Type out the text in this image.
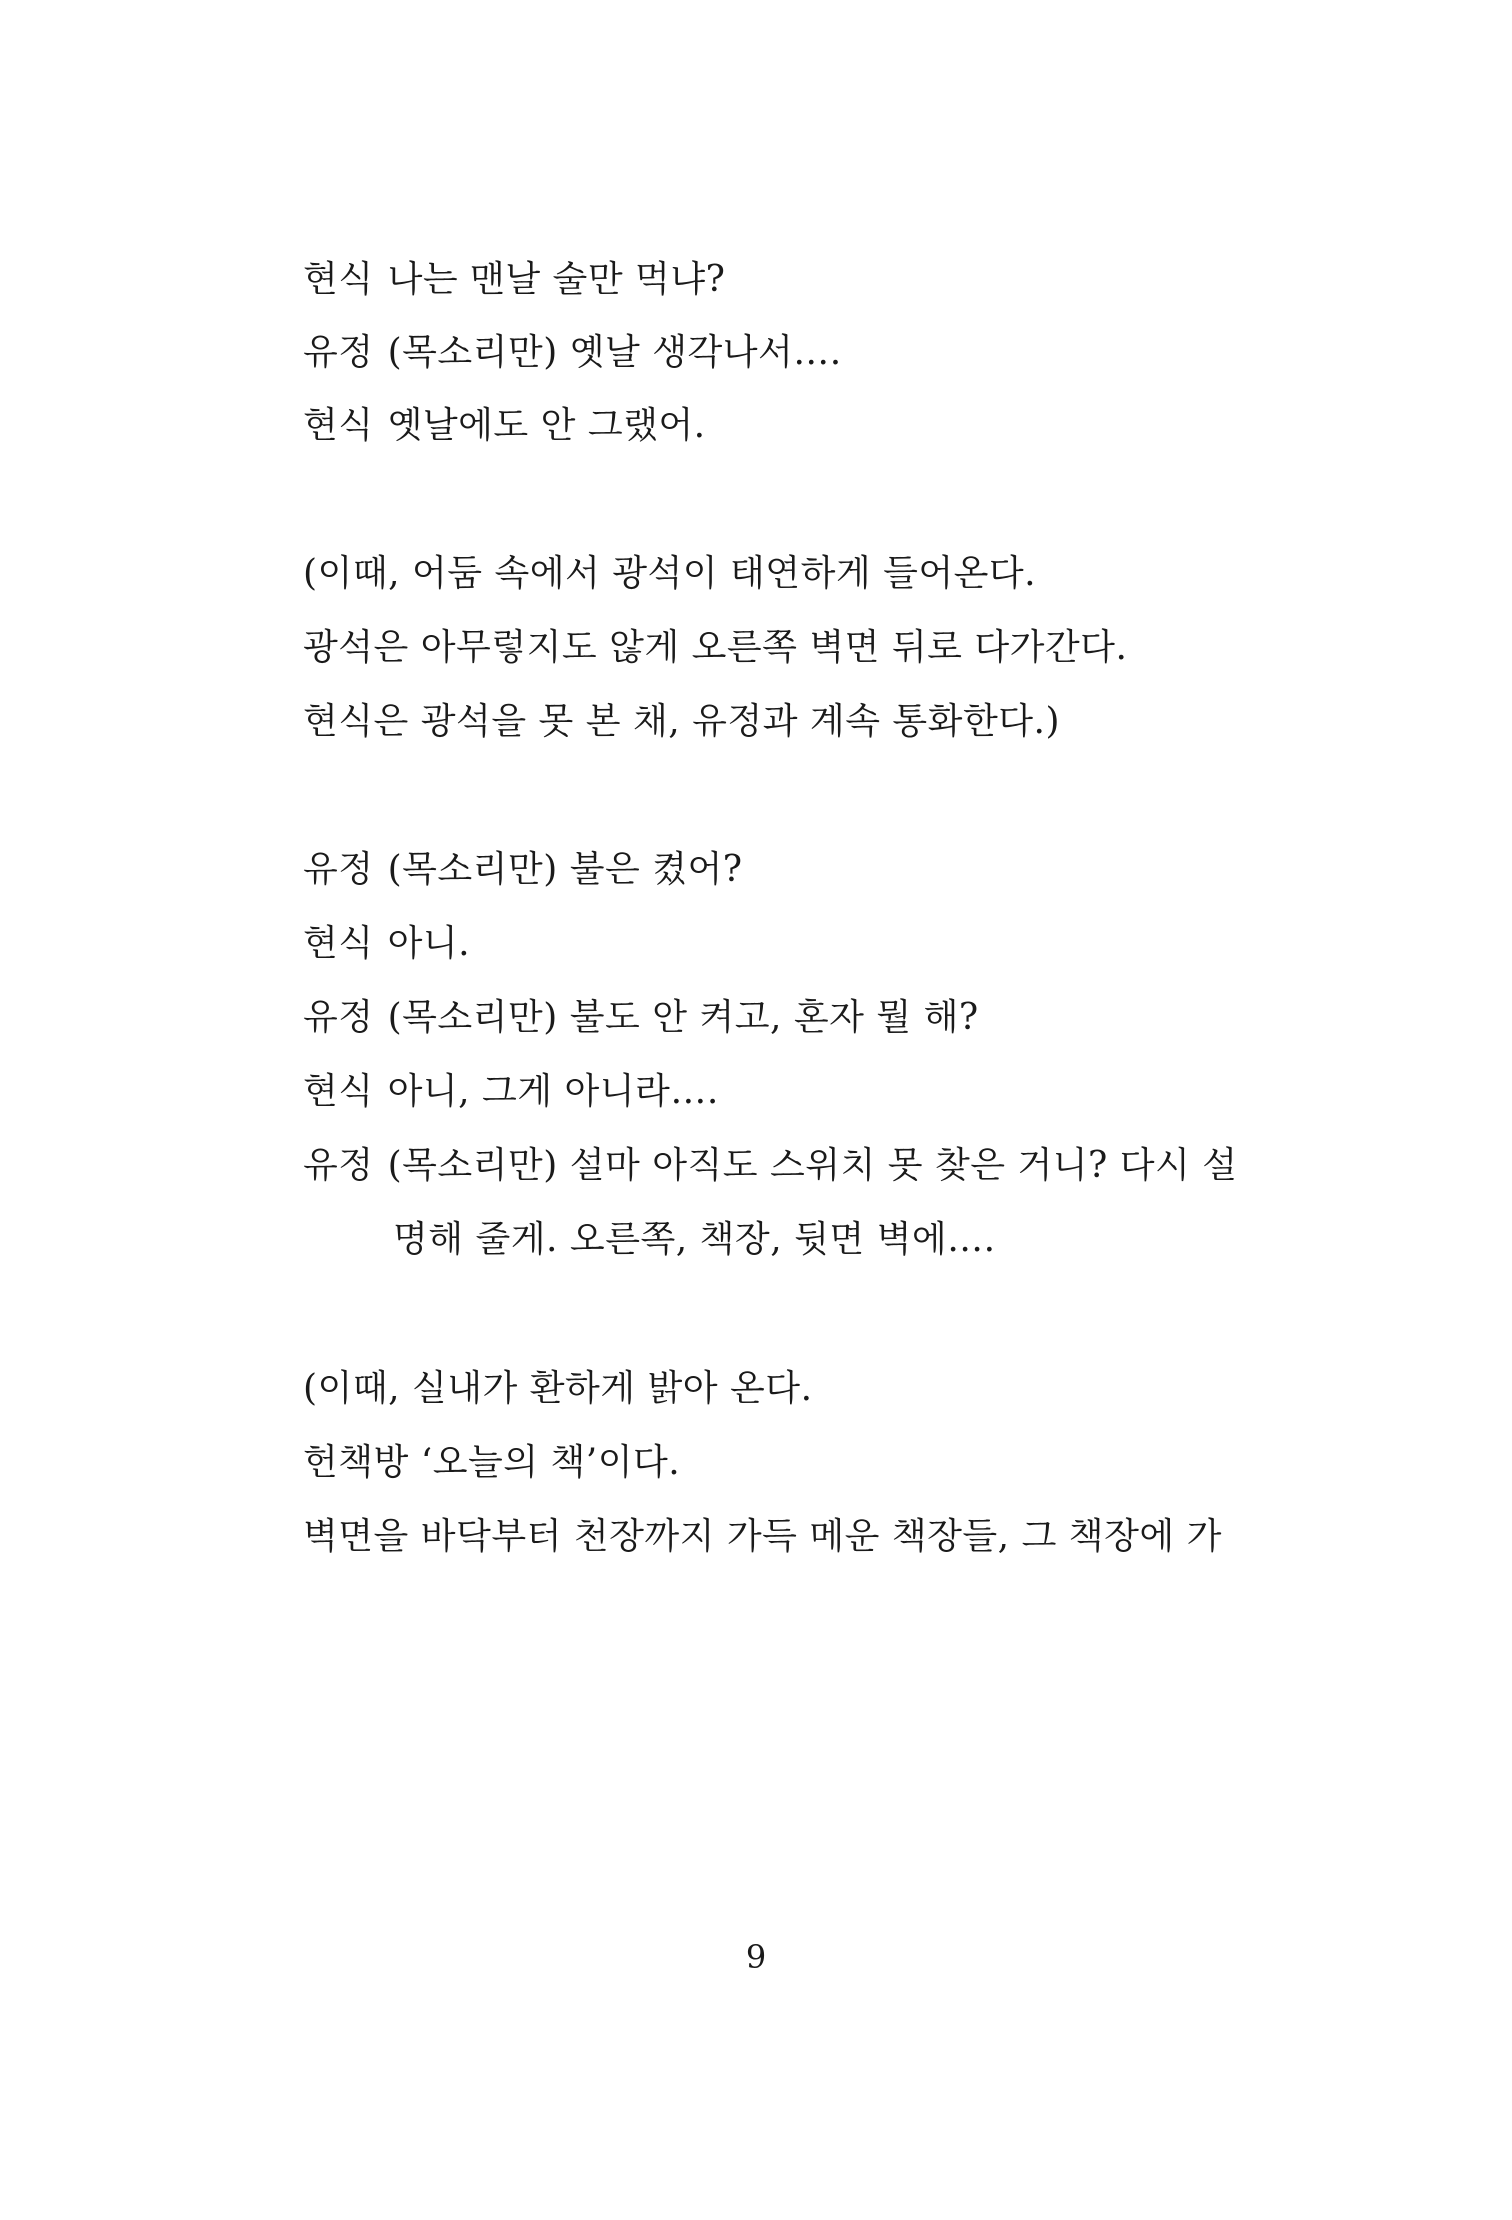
현식 나는 맨날 술만 먹냐?
유정 (목소리만) 옛날 생각나서….
현식 옛날에도 안 그랬어.
(이때, 어둠 속에서 광석이 태연하게 들어온다.
광석은 아무렇지도 않게 오른쪽 벽면 뒤로 다가간다.
현식은 광석을 못 본 채, 유정과 계속 통화한다.)
유정 (목소리만) 불은 켰어?
현식 아니.
유정 (목소리만) 불도 안 켜고, 혼자 뭘 해?
현식 아니, 그게 아니라….
유정 (목소리만) 설마 아직도 스위치 못 찾은 거니? 다시 설
명해 줄게. 오른쪽, 책장, 뒷면 벽에….
(이때, 실내가 환하게 밝아 온다.
헌책방 ‘오늘의 책’이다.
벽면을 바닥부터 천장까지 가득 메운 책장들, 그 책장에 가
9
